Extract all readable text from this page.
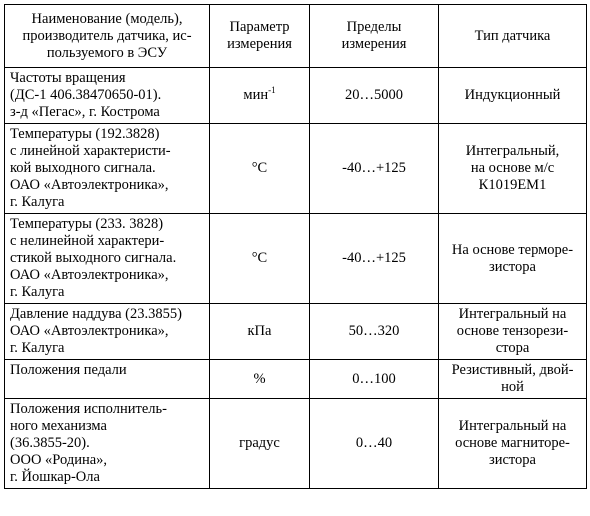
Наименование (модель),
производитель датчика, ис-
пользуемого в ЭСУ	Параметр
измерения	Пределы
измерения	Тип датчика

Частоты вращения
(ДС-1 406.38470650-01).
з-д «Пегас», г. Кострома	мин$^{-1}$	20…5000	Индукционный

Температуры (192.3828)
с линейной характеристи-
кой выходного сигнала.
ОАО «Автоэлектроника»,
г. Калуга	°C	-40…+125	Интегральный,
на основе м/с
К1019ЕМ1

Температуры (233. 3828)
с нелинейной характери-
стикой выходного сигнала.
ОАО «Автоэлектроника»,
г. Калуга	°C	-40…+125	На основе терморе-
зистора

Давление наддува (23.3855)
ОАО «Автоэлектроника»,
г. Калуга	кПа	50…320	Интегральный на
основе тензорези-
стора

Положения педали	%	0…100	Резистивный, двой-
ной

Положения исполнитель-
ного механизма
(36.3855-20).
ООО «Родина»,
г. Йошкар-Ола	градус	0…40	Интегральный на
основе магниторе-
зистора
